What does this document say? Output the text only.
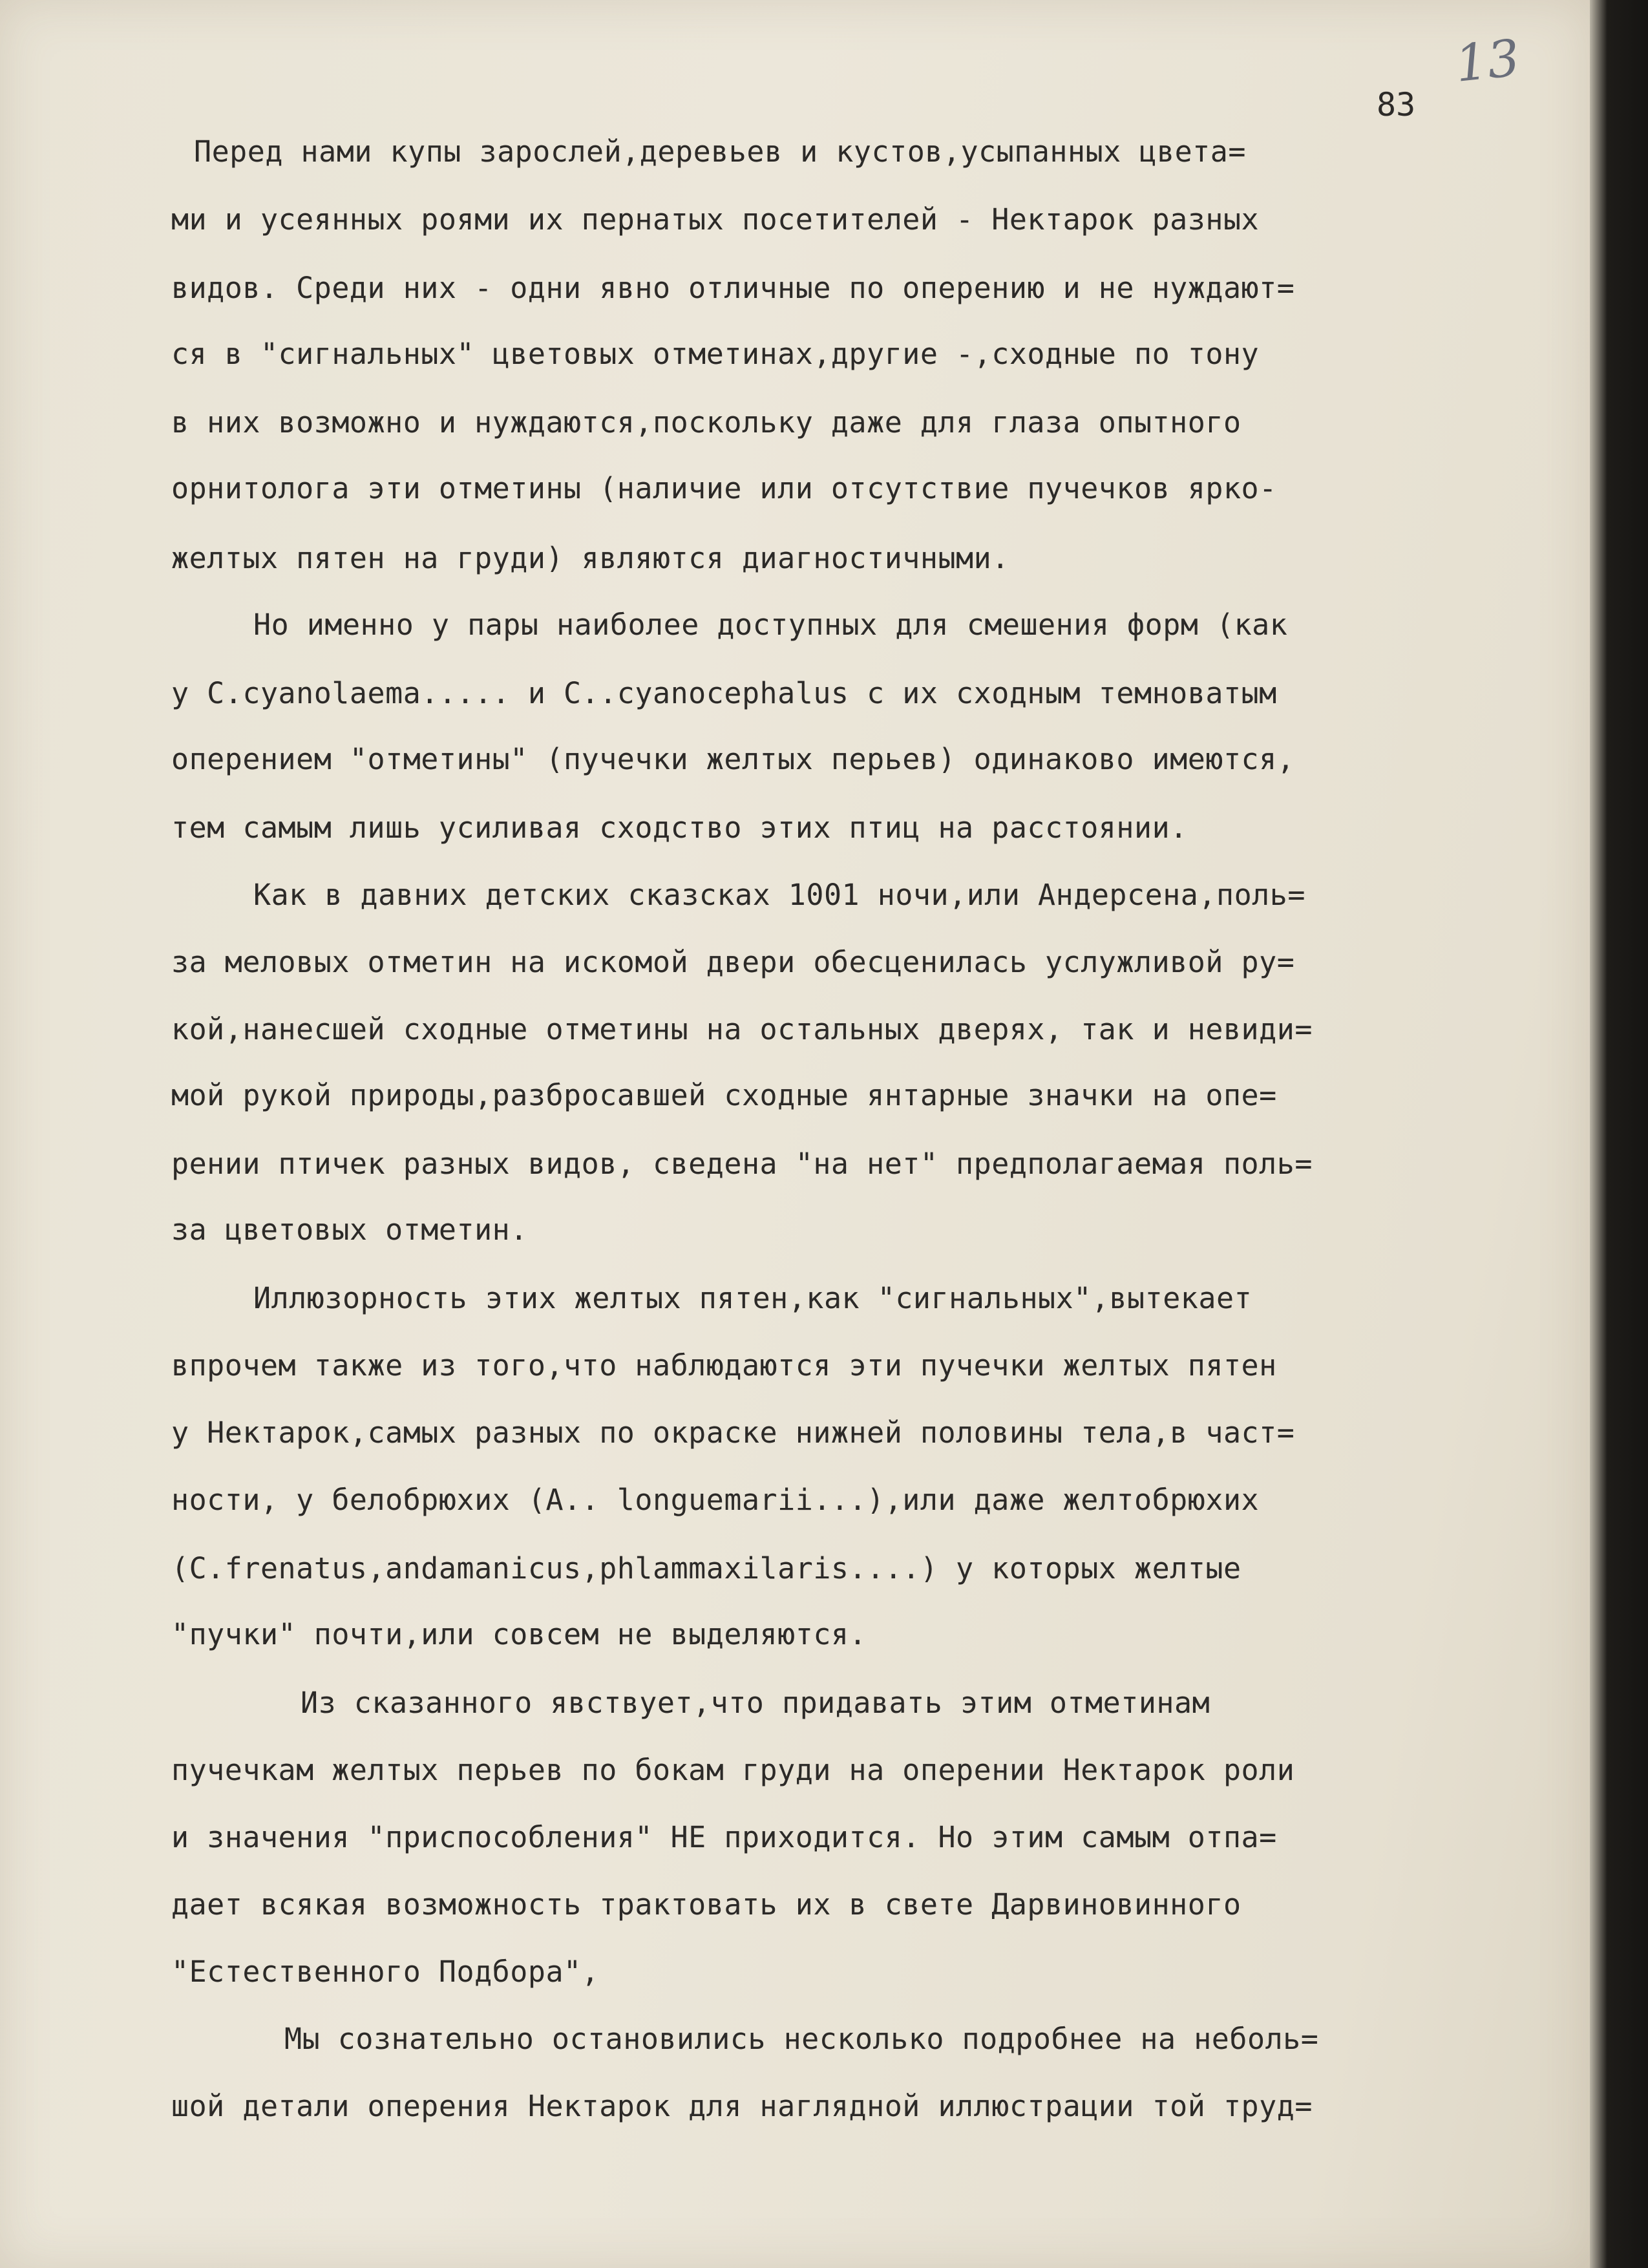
83
13

Перед нами купы зарослей,деревьев и кустов,усыпанных цвета=

ми и усеянных роями их пернатых посетителей - Нектарок разных

видов. Среди них - одни явно отличные по оперению и не нуждают=

ся в "сигнальных" цветовых отметинах,другие -,сходные по тону

в них возможно и нуждаются,поскольку даже для глаза опытного

орнитолога эти отметины (наличие или отсутствие пучечков ярко-

желтых пятен на груди) являются диагностичными.

Но именно у пары наиболее доступных для смешения форм (как

у C.cyanolaema..... и C..cyanocephalus с их сходным темноватым

оперением "отметины" (пучечки желтых перьев) одинаково имеются,

тем самым лишь усиливая сходство этих птиц на расстоянии.

Как в давних детских сказсках 1001 ночи,или Андерсена,поль=

за меловых отметин на искомой двери обесценилась услужливой ру=

кой,нанесшей сходные отметины на остальных дверях, так и невиди=

мой рукой природы,разбросавшей сходные янтарные значки на опе=

рении птичек разных видов, сведена "на нет" предполагаемая поль=

за цветовых отметин.

Иллюзорность этих желтых пятен,как "сигнальных",вытекает

впрочем также из того,что наблюдаются эти пучечки желтых пятен

у Нектарок,самых разных по окраске нижней половины тела,в част=

ности, у белобрюхих (A.. longuemarii...),или даже желтобрюхих

(C.frenatus,andamanicus,phlammaxilaris....) у которых желтые

"пучки" почти,или совсем не выделяются.

Из сказанного явствует,что придавать этим отметинам

пучечкам желтых перьев по бокам груди на оперении Нектарок роли

и значения "приспособления" НЕ приходится. Но этим самым отпа=

дает всякая возможность трактовать их в свете Дарвиновинного

"Естественного Подбора",

Мы сознательно остановились несколько подробнее на неболь=

шой детали оперения Нектарок для наглядной иллюстрации той труд=
